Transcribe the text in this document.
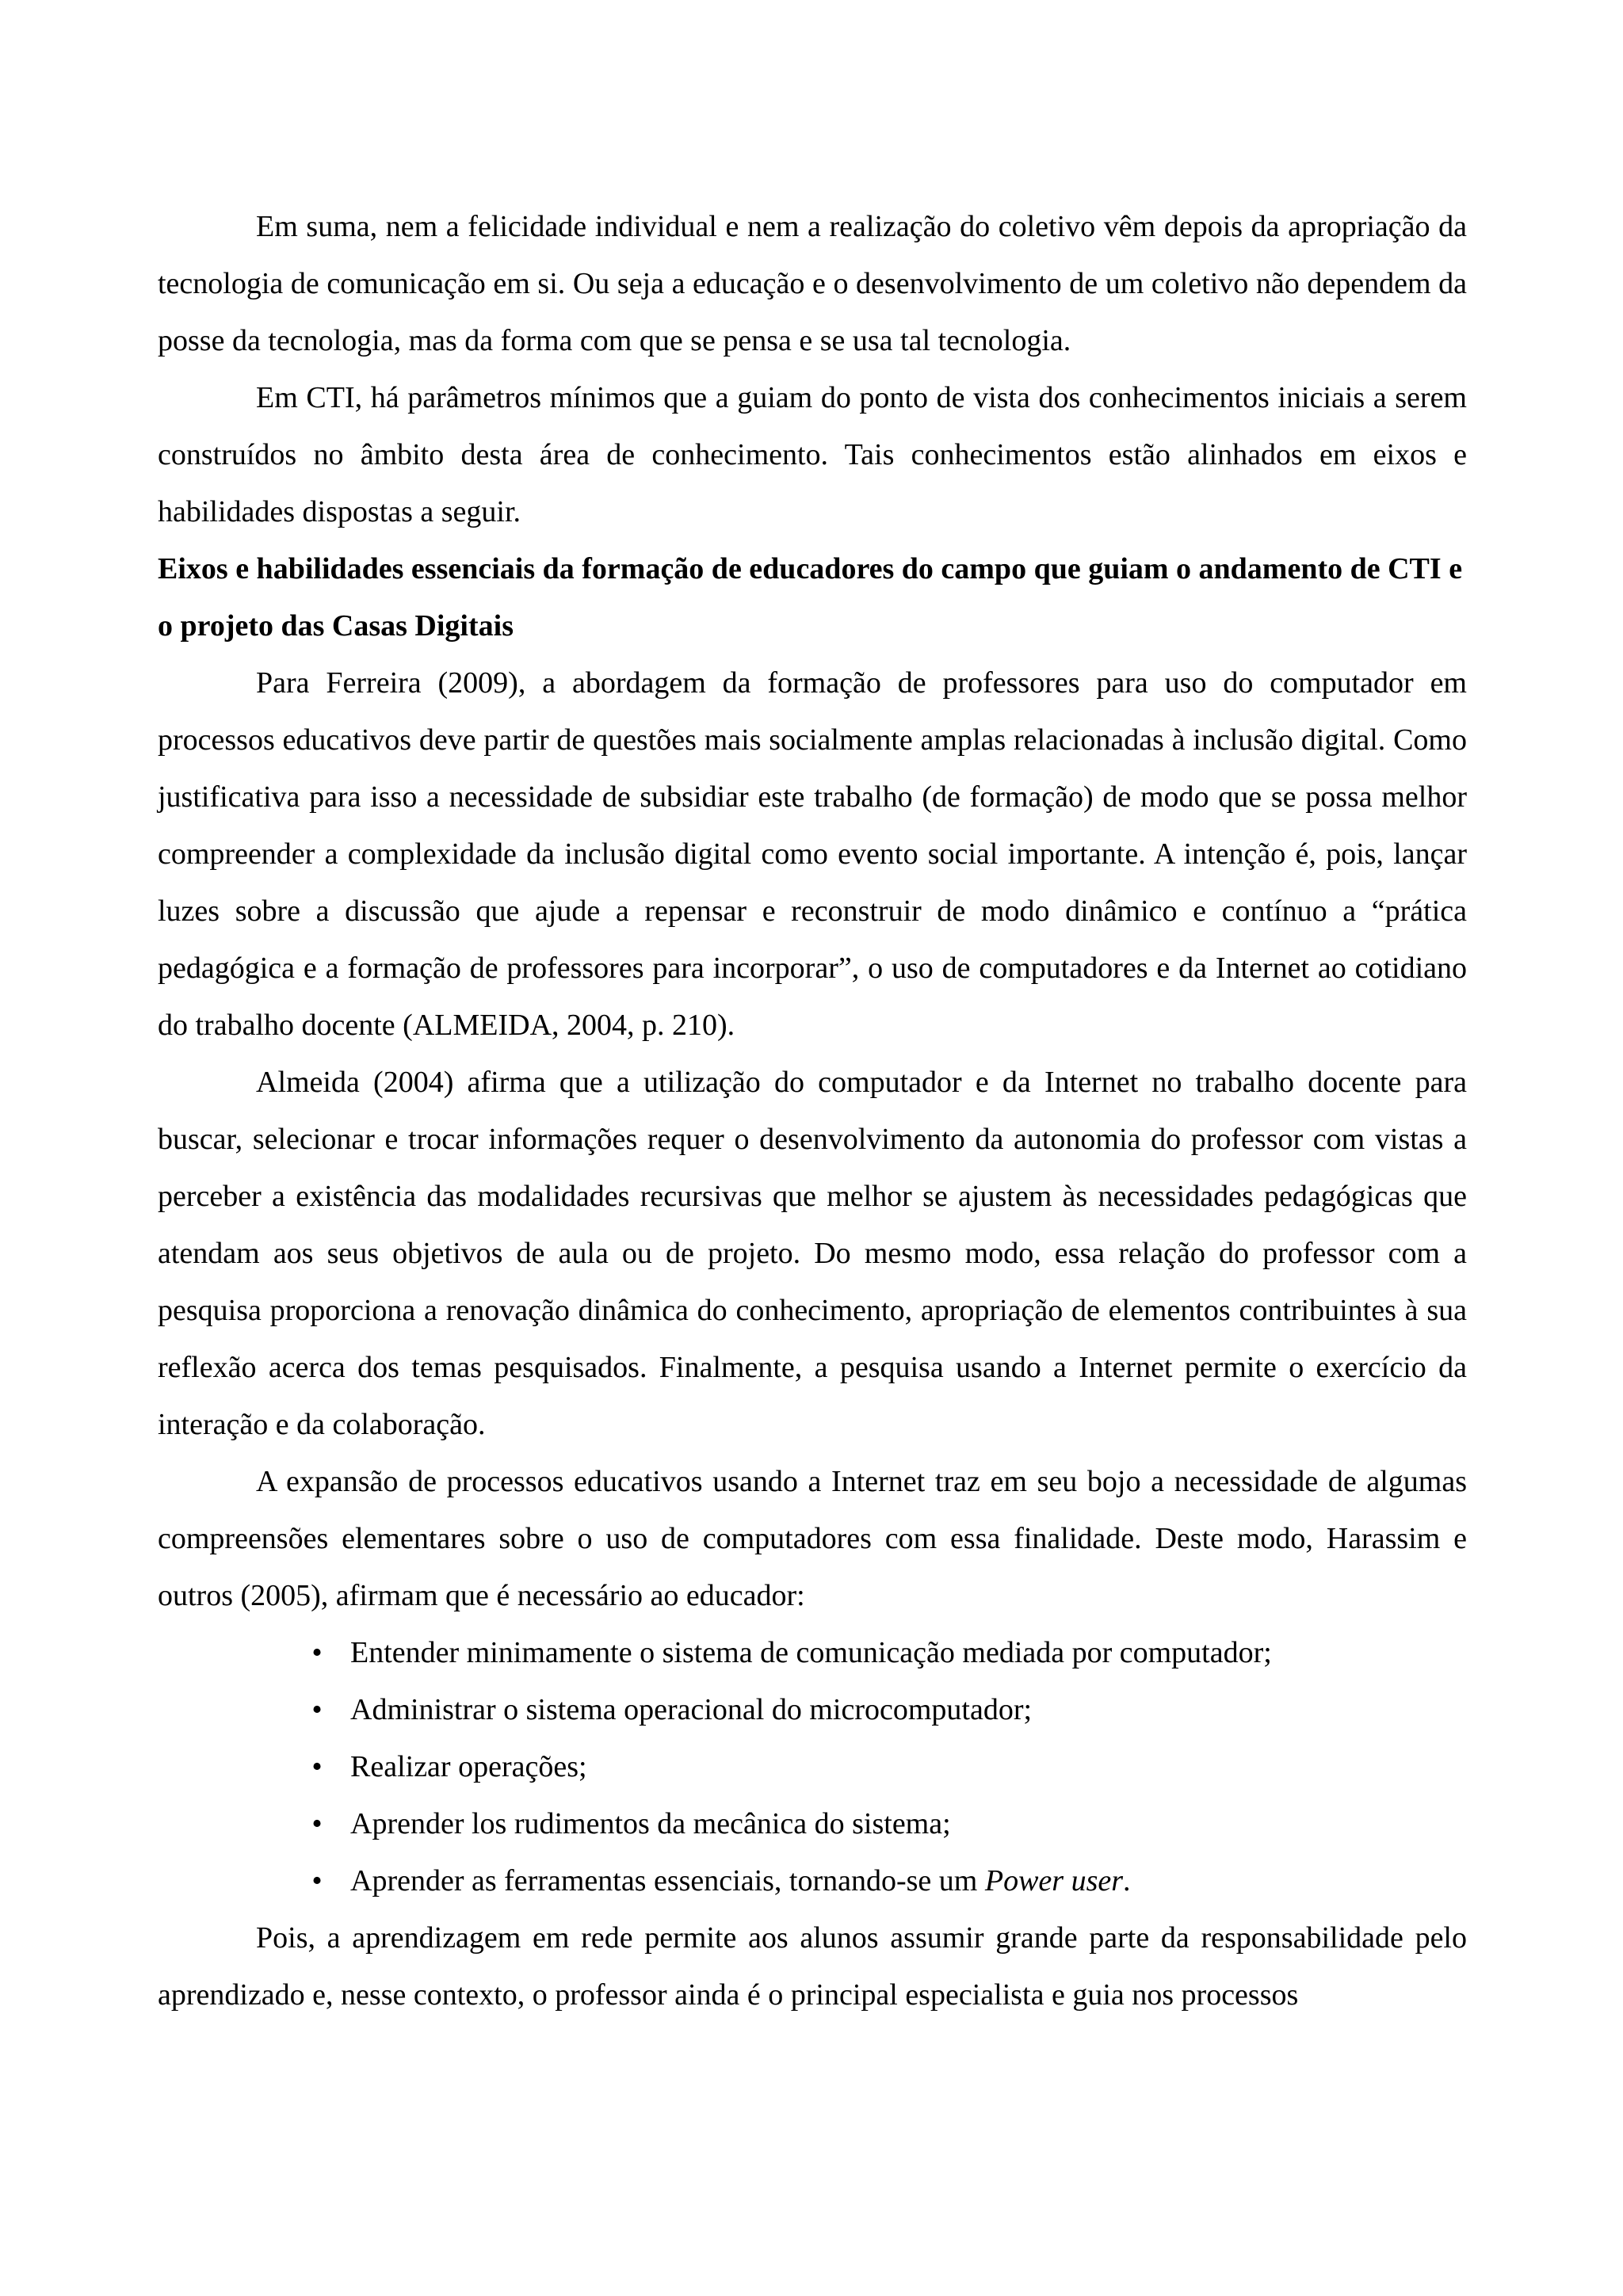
Em suma, nem a felicidade individual e nem a realização do coletivo vêm depois da apropriação da tecnologia de comunicação em si. Ou seja a educação e o desenvolvimento de um coletivo não dependem da posse da tecnologia, mas da forma com que se pensa e se usa tal tecnologia.

Em CTI, há parâmetros mínimos que a guiam do ponto de vista dos conhecimentos iniciais a serem construídos no âmbito desta área de conhecimento. Tais conhecimentos estão alinhados em eixos e habilidades dispostas a seguir.

Eixos e habilidades essenciais da formação de educadores do campo que guiam o andamento de CTI e o projeto das Casas Digitais

Para Ferreira (2009), a abordagem da formação de professores para uso do computador em processos educativos deve partir de questões mais socialmente amplas relacionadas à inclusão digital. Como justificativa para isso a necessidade de subsidiar este trabalho (de formação) de modo que se possa melhor compreender a complexidade da inclusão digital como evento social importante. A intenção é, pois, lançar luzes sobre a discussão que ajude a repensar e reconstruir de modo dinâmico e contínuo a “prática pedagógica e a formação de professores para incorporar”, o uso de computadores e da Internet ao cotidiano do trabalho docente (ALMEIDA, 2004, p. 210).

Almeida (2004) afirma que a utilização do computador e da Internet no trabalho docente para buscar, selecionar e trocar informações requer o desenvolvimento da autonomia do professor com vistas a perceber a existência das modalidades recursivas que melhor se ajustem às necessidades pedagógicas que atendam aos seus objetivos de aula ou de projeto. Do mesmo modo, essa relação do professor com a pesquisa proporciona a renovação dinâmica do conhecimento, apropriação de elementos contribuintes à sua reflexão acerca dos temas pesquisados. Finalmente, a pesquisa usando a Internet permite o exercício da interação e da colaboração.

A expansão de processos educativos usando a Internet traz em seu bojo a necessidade de algumas compreensões elementares sobre o uso de computadores com essa finalidade. Deste modo, Harassim e outros (2005), afirmam que é necessário ao educador:

• Entender minimamente o sistema de comunicação mediada por computador;
• Administrar o sistema operacional do microcomputador;
• Realizar operações;
• Aprender los rudimentos da mecânica do sistema;
• Aprender as ferramentas essenciais, tornando-se um Power user.

Pois, a aprendizagem em rede permite aos alunos assumir grande parte da responsabilidade pelo aprendizado e, nesse contexto, o professor ainda é o principal especialista e guia nos processos
